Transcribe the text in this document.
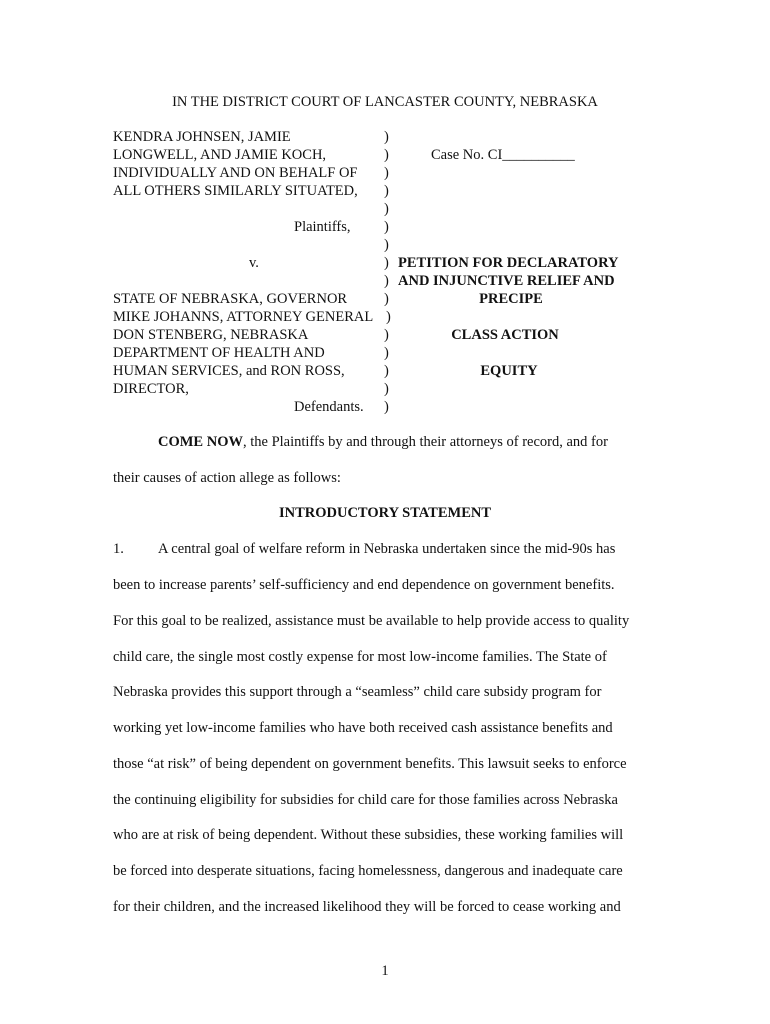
IN THE DISTRICT COURT OF LANCASTER COUNTY, NEBRASKA
KENDRA JOHNSEN, JAMIE
LONGWELL, AND JAMIE KOCH,
INDIVIDUALLY AND ON BEHALF OF
ALL OTHERS SIMILARLY SITUATED,
Plaintiffs,
v.
STATE OF NEBRASKA, GOVERNOR
MIKE JOHANNS, ATTORNEY GENERAL
DON STENBERG, NEBRASKA
DEPARTMENT OF HEALTH AND
HUMAN SERVICES, and RON ROSS,
DIRECTOR,
Defendants.
)
)
)
)
)
)
)
)
)
)
)
)
)
)
)
)
Case No. CI__________
PETITION FOR DECLARATORY
AND INJUNCTIVE RELIEF AND
PRECIPE
CLASS ACTION
EQUITY
COME NOW, the Plaintiffs by and through their attorneys of record, and for
their causes of action allege as follows:
INTRODUCTORY STATEMENT
1. A central goal of welfare reform in Nebraska undertaken since the mid-90s has
been to increase parents’ self-sufficiency and end dependence on government benefits.
For this goal to be realized, assistance must be available to help provide access to quality
child care, the single most costly expense for most low-income families. The State of
Nebraska provides this support through a “seamless” child care subsidy program for
working yet low-income families who have both received cash assistance benefits and
those “at risk” of being dependent on government benefits. This lawsuit seeks to enforce
the continuing eligibility for subsidies for child care for those families across Nebraska
who are at risk of being dependent. Without these subsidies, these working families will
be forced into desperate situations, facing homelessness, dangerous and inadequate care
for their children, and the increased likelihood they will be forced to cease working and
1
